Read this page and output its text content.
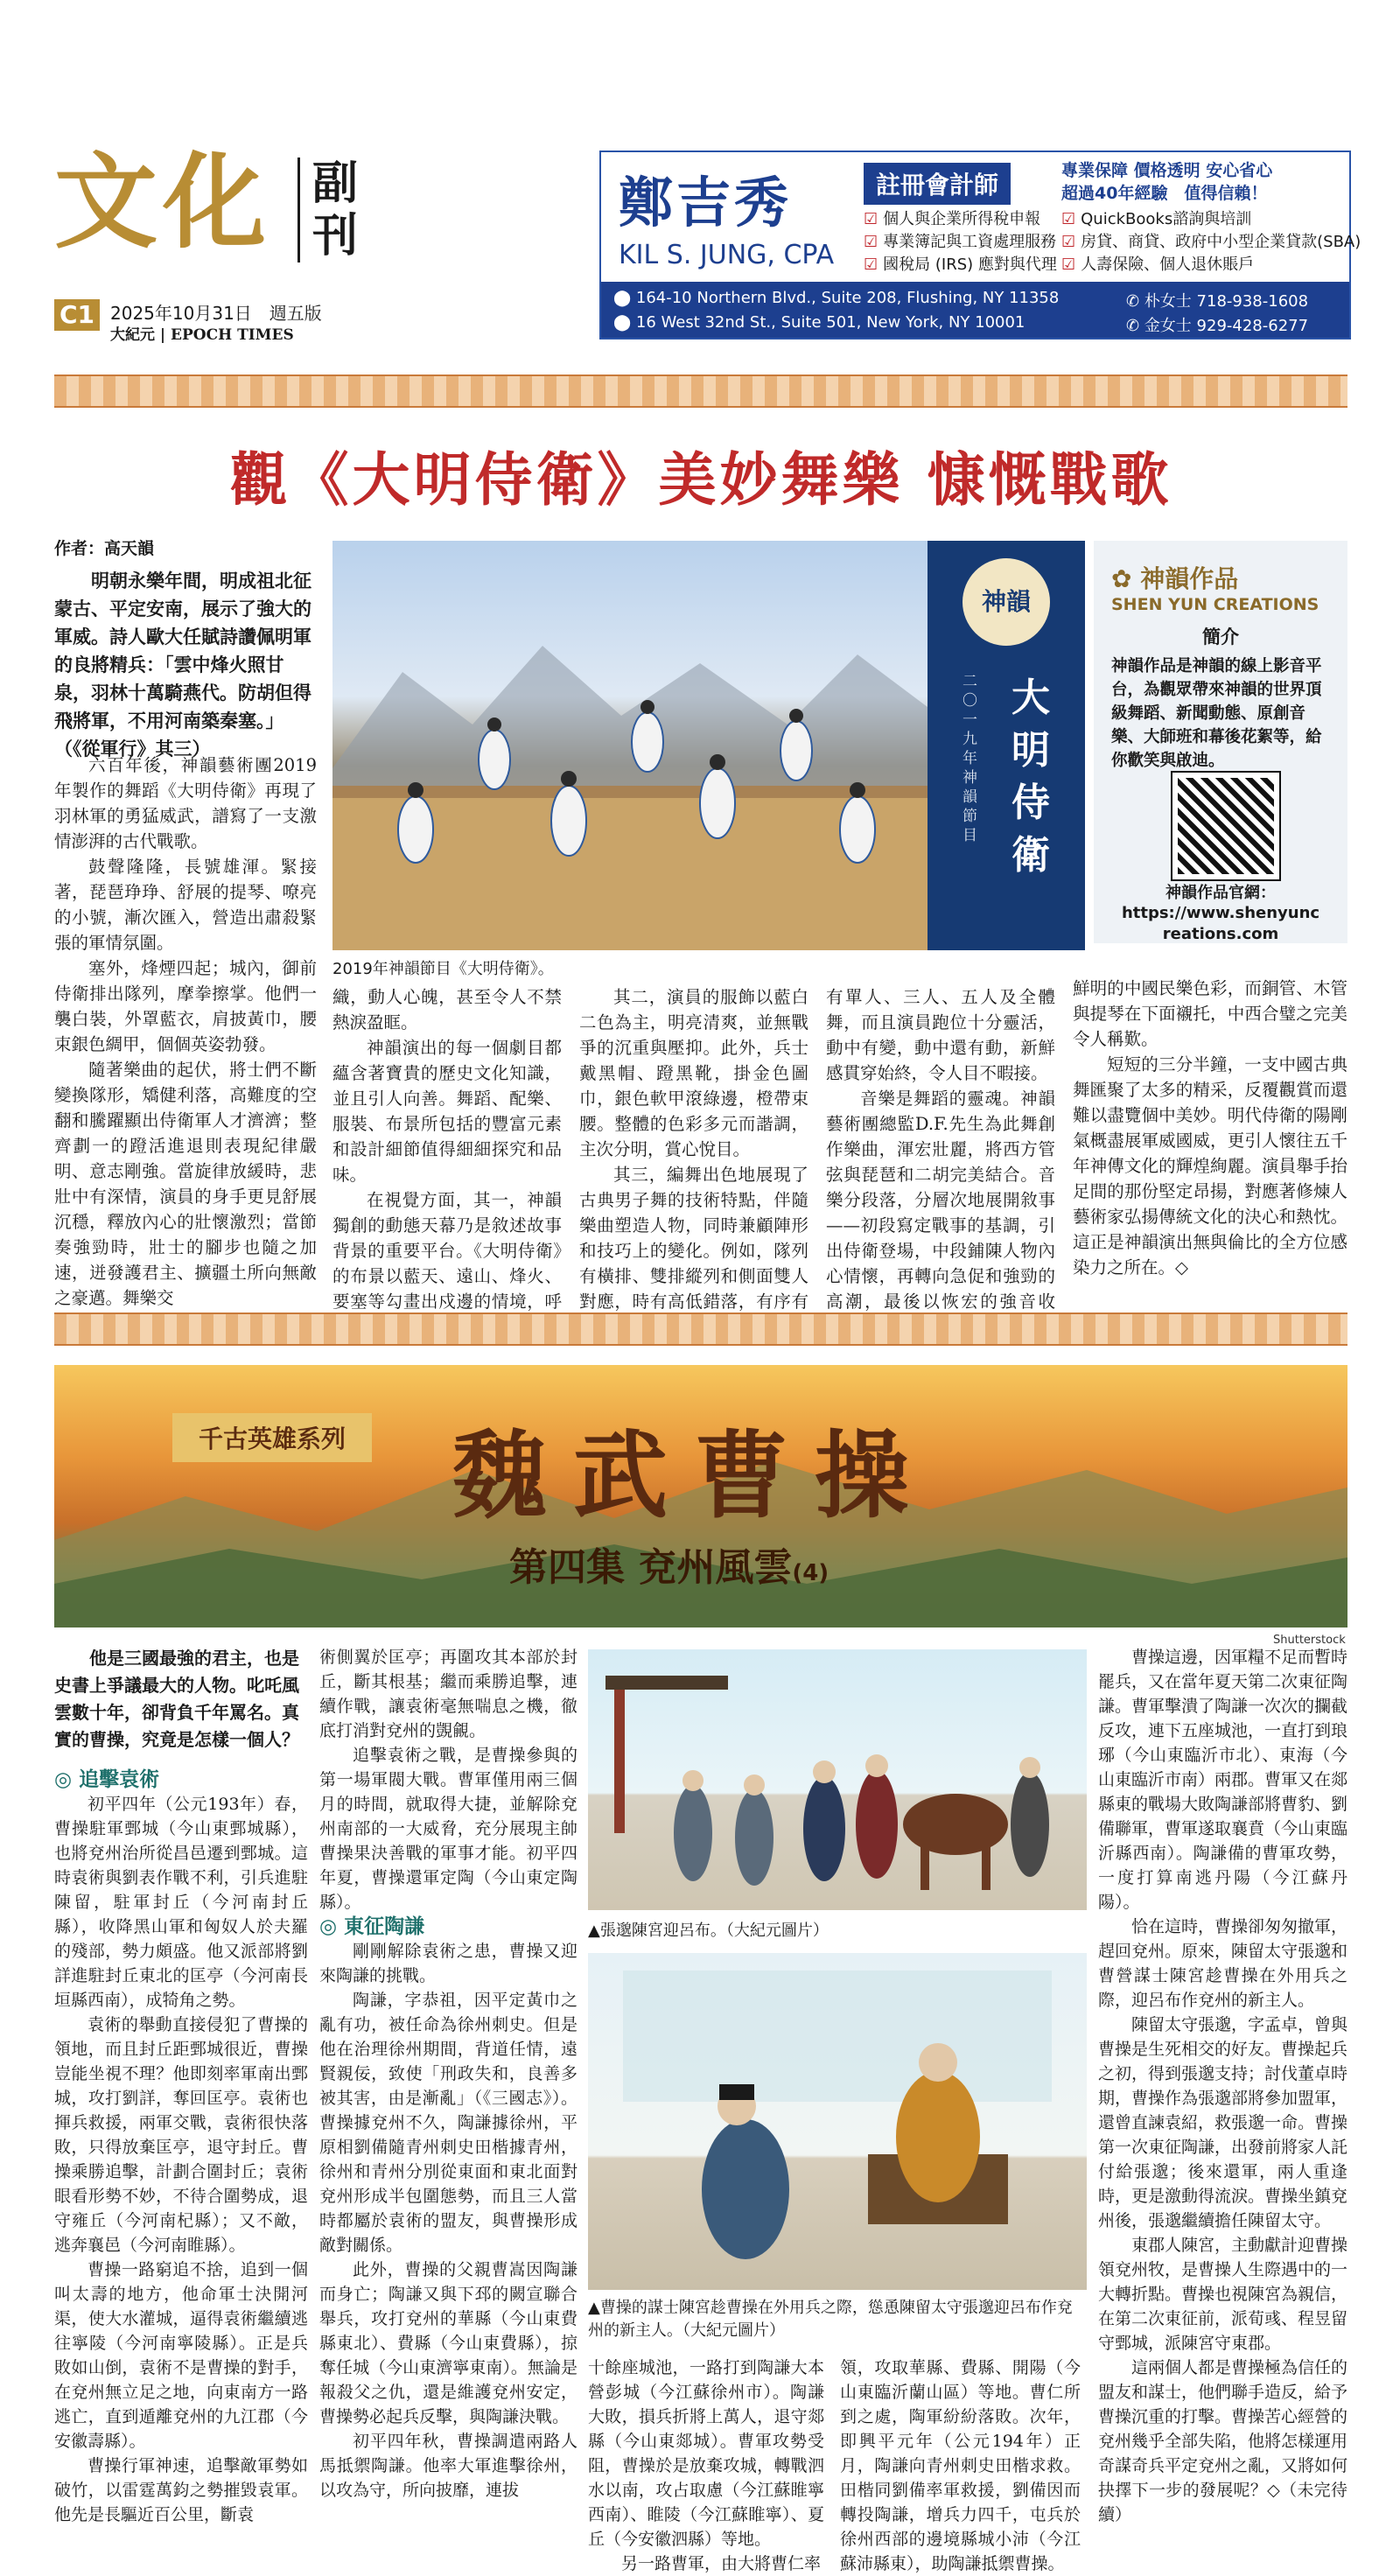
文化 副刊
C1 2025年10月31日　週五版
大紀元 | EPOCH TIMES
鄭吉秀	註冊會計師
KIL S. JUNG, CPA
專業保障 價格透明 安心省心
超過40年經驗　值得信賴！
☑ 個人與企業所得稅申報
☑ 專業簿記與工資處理服務
☑ 國稅局 (IRS) 應對與代理
☑ QuickBooks諮詢與培訓
☑ 房貸、商貸、政府中小型企業貸款(SBA)
☑ 人壽保險、個人退休賬戶
⬤ 164-10 Northern Blvd., Suite 208, Flushing, NY 11358
⬤ 16 West 32nd St., Suite 501, New York, NY 10001
✆ 朴女士 718-938-1608
✆ 金女士 929-428-6277
觀《大明侍衛》美妙舞樂 慷慨戰歌
作者：高天韻

明朝永樂年間，明成祖北征蒙古、平定安南，展示了強大的軍威。詩人歐大任賦詩讚佩明軍的良將精兵：「雲中烽火照甘泉，羽林十萬騎燕代。防胡但得飛將軍，不用河南築秦塞。」（《從軍行》其三）

六百年後，神韻藝術團2019年製作的舞蹈《大明侍衛》再現了羽林軍的勇猛威武，譜寫了一支激情澎湃的古代戰歌。

鼓聲隆隆，長號雄渾。緊接著，琵琶琤琤、舒展的提琴、嘹亮的小號，漸次匯入，營造出肅殺緊張的軍情氛圍。

塞外，烽煙四起；城內，御前侍衛排出隊列，摩拳擦掌。他們一襲白裝，外罩藍衣，肩披黃巾，腰束銀色綢甲，個個英姿勃發。

隨著樂曲的起伏，將士們不斷變換隊形，矯健利落，高難度的空翻和騰躍顯出侍衛軍人才濟濟；整齊劃一的蹬活進退則表現紀律嚴明、意志剛強。當旋律放緩時，悲壯中有深情，演員的身手更見舒展沉穩，釋放內心的壯懷激烈；當節奏強勁時，壯士的腳步也隨之加速，迸發護君主、擴疆土所向無敵之豪邁。舞樂交

神韻
大明侍衛
二〇一九年神韻節目
2019年神韻節目《大明侍衛》。
✿ 神韻作品
SHEN YUN CREATIONS
簡介
神韻作品是神韻的線上影音平台，為觀眾帶來神韻的世界頂級舞蹈、新聞動態、原創音樂、大師班和幕後花絮等，給你歡笑與啟迪。
神韻作品官網：
https://www.shenyuncreations.com

織，動人心魄，甚至令人不禁熱淚盈眶。

神韻演出的每一個劇目都蘊含著寶貴的歷史文化知識，並且引人向善。舞蹈、配樂、服裝、布景所包括的豐富元素和設計細節值得細細探究和品味。

在視覺方面，其一，神韻獨創的動態天幕乃是敘述故事背景的重要平台。《大明侍衛》的布景以藍天、遠山、烽火、要塞等勾畫出戍邊的情境，呼

其二，演員的服飾以藍白二色為主，明亮清爽，並無戰爭的沉重與壓抑。此外，兵士戴黑帽、蹬黑靴，掛金色圖巾，銀色軟甲滾綠邊，橙帶束腰。整體的色彩多元而諧調，主次分明，賞心悅目。

其三，編舞出色地展現了古典男子舞的技術特點，伴隨樂曲塑造人物，同時兼顧陣形和技巧上的變化。例如，隊列有橫排、雙排縱列和側面雙人對應，時有高低錯落，有序有

有單人、三人、五人及全體舞，而且演員跑位十分靈活，動中有變，動中還有動，新鮮感貫穿始終，令人目不暇接。

音樂是舞蹈的靈魂。神韻藝術團總監D.F.先生為此舞創作樂曲，渾宏壯麗，將西方管弦與琵琶和二胡完美結合。音樂分段落，分層次地展開敘事——初段寫定戰事的基調，引出侍衛登場，中段鋪陳人物內心情懷，再轉向急促和強勁的高潮，最後以恢宏的強音收

鮮明的中國民樂色彩，而銅管、木管與提琴在下面襯托，中西合璧之完美令人稱歎。

短短的三分半鐘，一支中國古典舞匯聚了太多的精采，反覆觀賞而還難以盡覽個中美妙。明代侍衛的陽剛氣概盡展軍威國威，更引人懷往五千年神傳文化的輝煌絢麗。演員舉手抬足間的那份堅定昂揚，對應著修煉人藝術家弘揚傳統文化的決心和熱忱。這正是神韻演出無與倫比的全方位感染力之所在。◇

千古英雄系列 魏武曹操
第四集 兗州風雲(4)
Shutterstock

他是三國最強的君主，也是史書上爭議最大的人物。叱吒風雲數十年，卻背負千年罵名。真實的曹操，究竟是怎樣一個人？

◎ 追擊袁術

初平四年（公元193年）春，曹操駐軍鄄城（今山東鄄城縣），也將兗州治所從昌邑遷到鄄城。這時袁術與劉表作戰不利，引兵進駐陳留，駐軍封丘（今河南封丘縣），收降黑山軍和匈奴人於夫羅的殘部，勢力頗盛。他又派部將劉詳進駐封丘東北的匡亭（今河南長垣縣西南），成犄角之勢。

袁術的舉動直接侵犯了曹操的領地，而且封丘距鄄城很近，曹操豈能坐視不理？他即刻率軍南出鄄城，攻打劉詳，奪回匡亭。袁術也揮兵救援，兩軍交戰，袁術很快落敗，只得放棄匡亭，退守封丘。曹操乘勝追擊，計劃合圍封丘；袁術眼看形勢不妙，不待合圍勢成，退守雍丘（今河南杞縣）；又不敵，逃奔襄邑（今河南睢縣）。

曹操一路窮追不捨，追到一個叫太壽的地方，他命軍士決開河渠，使大水灌城，逼得袁術繼續逃往寧陵（今河南寧陵縣）。正是兵敗如山倒，袁術不是曹操的對手，在兗州無立足之地，向東南方一路逃亡，直到遁離兗州的九江郡（今安徽壽縣）。

曹操行軍神速，追擊敵軍勢如破竹，以雷霆萬鈞之勢摧毀袁軍。他先是長驅近百公里，斷袁

術側翼於匡亭；再圍攻其本部於封丘，斷其根基；繼而乘勝追擊，連續作戰，讓袁術毫無喘息之機，徹底打消對兗州的覬覦。

追擊袁術之戰，是曹操參與的第一場軍閥大戰。曹軍僅用兩三個月的時間，就取得大捷，並解除兗州南部的一大威脅，充分展現主帥曹操果決善戰的軍事才能。初平四年夏，曹操還軍定陶（今山東定陶縣）。

◎ 東征陶謙

剛剛解除袁術之患，曹操又迎來陶謙的挑戰。

陶謙，字恭祖，因平定黃巾之亂有功，被任命為徐州刺史。但是他在治理徐州期間，背道任情，遠賢親佞，致使「刑政失和，良善多被其害，由是漸亂」（《三國志》）。曹操據兗州不久，陶謙據徐州，平原相劉備隨青州刺史田楷據青州，徐州和青州分別從東面和東北面對兗州形成半包圍態勢，而且三人當時都屬於袁術的盟友，與曹操形成敵對關係。

此外，曹操的父親曹嵩因陶謙而身亡；陶謙又與下邳的闕宣聯合舉兵，攻打兗州的華縣（今山東費縣東北）、費縣（今山東費縣），掠奪任城（今山東濟寧東南）。無論是報殺父之仇，還是維護兗州安定，曹操勢必起兵反擊，與陶謙決戰。

初平四年秋，曹操調遣兩路人馬抵禦陶謙。他率大軍進擊徐州，以攻為守，所向披靡，連拔

▲張邈陳宮迎呂布。（大紀元圖片）
▲曹操的謀士陳宮趁曹操在外用兵之際，慫恿陳留太守張邈迎呂布作兗州的新主人。（大紀元圖片）

十餘座城池，一路打到陶謙大本營彭城（今江蘇徐州市）。陶謙大敗，損兵折將上萬人，退守郯縣（今山東郯城）。曹軍攻勢受阻，曹操於是放棄攻城，轉戰泗水以南，攻占取慮（今江蘇睢寧西南）、睢陵（今江蘇睢寧）、夏丘（今安徽泗縣）等地。

另一路曹軍，由大將曹仁率

領，攻取華縣、費縣、開陽（今山東臨沂蘭山區）等地。曹仁所到之處，陶軍紛紛落敗。次年，即興平元年（公元194年）正月，陶謙向青州刺史田楷求救。田楷同劉備率軍救援，劉備因而轉投陶謙，增兵力四千，屯兵於徐州西部的邊境縣城小沛（今江蘇沛縣東），助陶謙抵禦曹操。

曹操這邊，因軍糧不足而暫時罷兵，又在當年夏天第二次東征陶謙。曹軍擊潰了陶謙一次次的攔截反攻，連下五座城池，一直打到琅琊（今山東臨沂市北）、東海（今山東臨沂市南）兩郡。曹軍又在郯縣東的戰場大敗陶謙部將曹豹、劉備聯軍，曹軍遂取襄賁（今山東臨沂縣西南）。陶謙備的曹軍攻勢，一度打算南逃丹陽（今江蘇丹陽）。

恰在這時，曹操卻匆匆撤軍，趕回兗州。原來，陳留太守張邈和曹營謀士陳宮趁曹操在外用兵之際，迎呂布作兗州的新主人。

陳留太守張邈，字孟卓，曾與曹操是生死相交的好友。曹操起兵之初，得到張邈支持；討伐董卓時期，曹操作為張邈部將參加盟軍，還曾直諫袁紹，救張邈一命。曹操第一次東征陶謙，出發前將家人託付給張邈；後來還軍，兩人重逢時，更是激動得流淚。曹操坐鎮兗州後，張邈繼續擔任陳留太守。

東郡人陳宮，主動獻計迎曹操領兗州牧，是曹操人生際遇中的一大轉折點。曹操也視陳宮為親信，在第二次東征前，派荀彧、程昱留守鄄城，派陳宮守東郡。

這兩個人都是曹操極為信任的盟友和謀士，他們聯手造反，給予曹操沉重的打擊。曹操苦心經營的兗州幾乎全部失陷，他將怎樣運用奇謀奇兵平定兗州之亂，又將如何抉擇下一步的發展呢？◇（未完待續）
